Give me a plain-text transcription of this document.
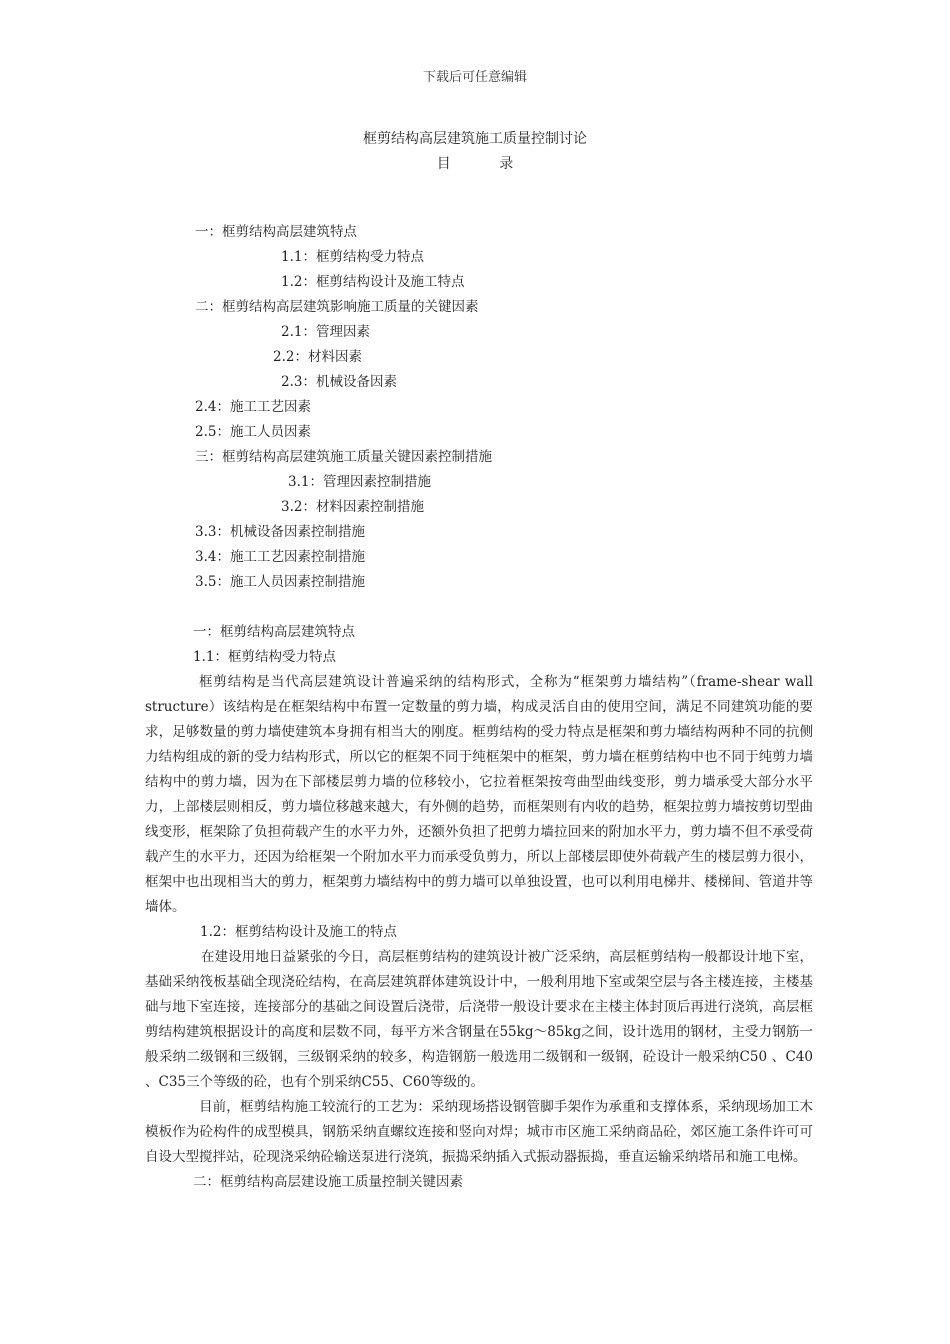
下载后可任意编辑
框剪结构高层建筑施工质量控制讨论
目 录
一：框剪结构高层建筑特点
1.1：框剪结构受力特点
1.2：框剪结构设计及施工特点
二：框剪结构高层建筑影响施工质量的关键因素
2.1：管理因素
2.2：材料因素
2.3：机械设备因素
2.4：施工工艺因素
2.5：施工人员因素
三：框剪结构高层建筑施工质量关键因素控制措施
3.1：管理因素控制措施
3.2：材料因素控制措施
3.3：机械设备因素控制措施
3.4：施工工艺因素控制措施
3.5：施工人员因素控制措施

一：框剪结构高层建筑特点

1.1：框剪结构受力特点

框剪结构是当代高层建筑设计普遍采纳的结构形式，全称为“框架剪力墙结构”（frame-shear wall structure）该结构是在框架结构中布置一定数量的剪力墙，构成灵活自由的使用空间，满足不同建筑功能的要求，足够数量的剪力墙使建筑本身拥有相当大的刚度。框剪结构的受力特点是框架和剪力墙结构两种不同的抗侧力结构组成的新的受力结构形式，所以它的框架不同于纯框架中的框架，剪力墙在框剪结构中也不同于纯剪力墙结构中的剪力墙，因为在下部楼层剪力墙的位移较小，它拉着框架按弯曲型曲线变形，剪力墙承受大部分水平力，上部楼层则相反，剪力墙位移越来越大，有外侧的趋势，而框架则有内收的趋势，框架拉剪力墙按剪切型曲线变形，框架除了负担荷载产生的水平力外，还额外负担了把剪力墙拉回来的附加水平力，剪力墙不但不承受荷载产生的水平力，还因为给框架一个附加水平力而承受负剪力，所以上部楼层即使外荷载产生的楼层剪力很小，框架中也出现相当大的剪力，框架剪力墙结构中的剪力墙可以单独设置，也可以利用电梯井、楼梯间、管道井等墙体。

1.2：框剪结构设计及施工的特点

在建设用地日益紧张的今日，高层框剪结构的建筑设计被广泛采纳，高层框剪结构一般都设计地下室，基础采纳筏板基础全现浇砼结构，在高层建筑群体建筑设计中，一般利用地下室或架空层与各主楼连接，主楼基础与地下室连接，连接部分的基础之间设置后浇带，后浇带一般设计要求在主楼主体封顶后再进行浇筑，高层框剪结构建筑根据设计的高度和层数不同，每平方米含钢量在55kg～85kg之间，设计选用的钢材，主受力钢筋一般采纳二级钢和三级钢，三级钢采纳的较多，构造钢筋一般选用二级钢和一级钢，砼设计一般采纳C50 、C40 、C35三个等级的砼，也有个别采纳C55、C60等级的。

目前，框剪结构施工较流行的工艺为：采纳现场搭设钢管脚手架作为承重和支撑体系，采纳现场加工木模板作为砼构件的成型模具，钢筋采纳直螺纹连接和竖向对焊；城市市区施工采纳商品砼，郊区施工条件许可可自设大型搅拌站，砼现浇采纳砼输送泵进行浇筑，振捣采纳插入式振动器振捣，垂直运输采纳塔吊和施工电梯。

二：框剪结构高层建设施工质量控制关键因素
